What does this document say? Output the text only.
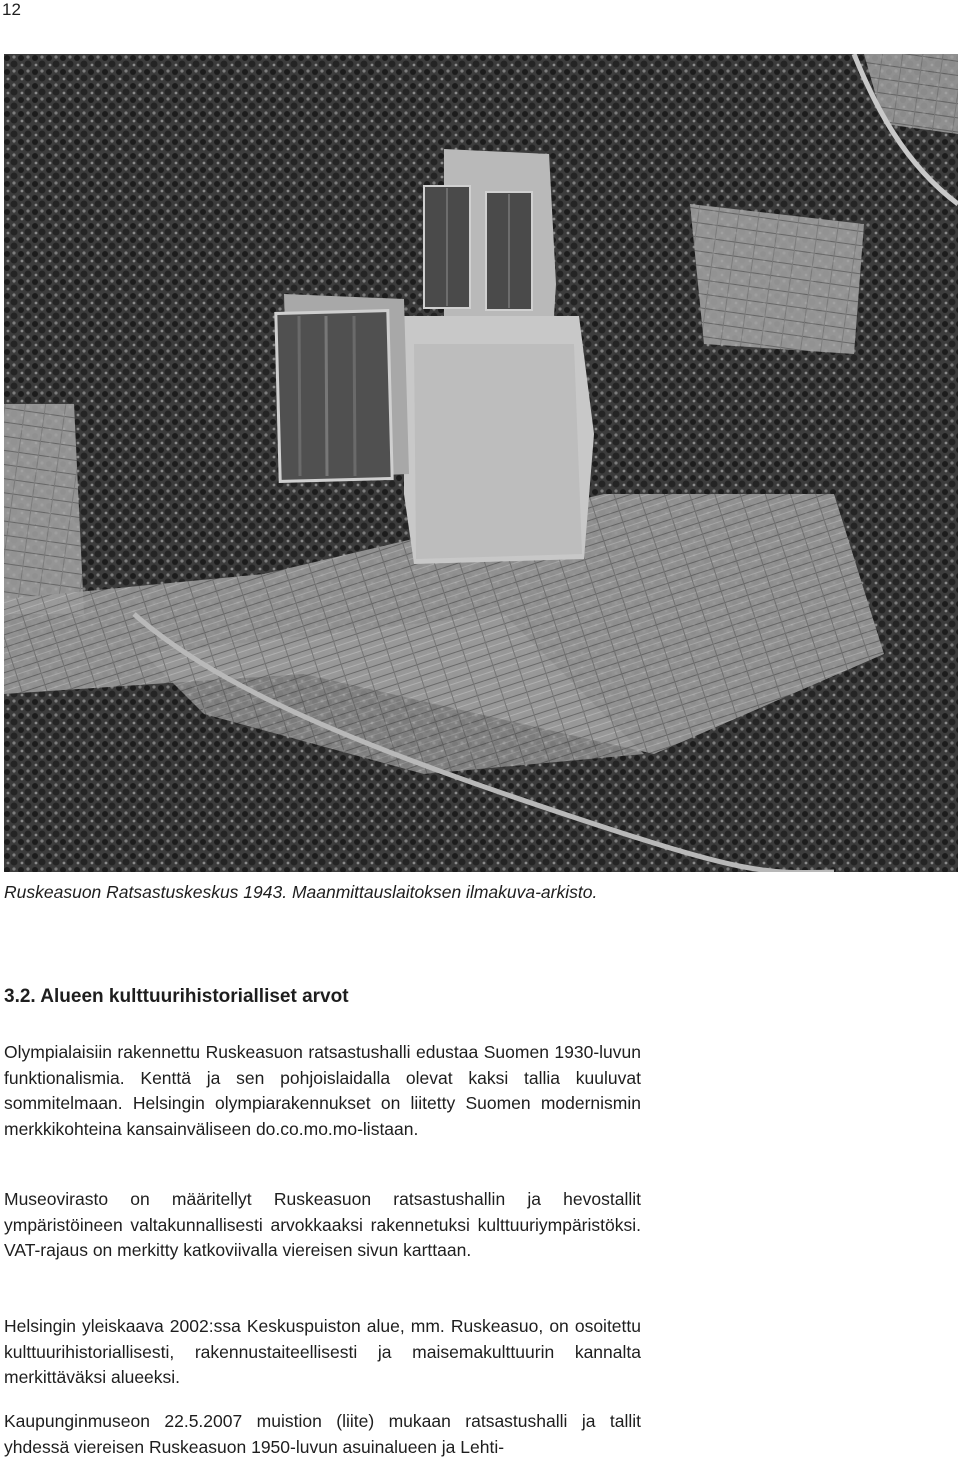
12
Ruskeasuon Ratsastuskeskus 1943. Maanmittauslaitoksen ilmakuva-arkisto.
3.2. Alueen kulttuurihistorialliset arvot

Olympialaisiin rakennettu Ruskeasuon ratsastushalli edustaa Suomen 1930-luvun funktionalismia. Kenttä ja sen pohjoislaidalla olevat kaksi tallia kuuluvat sommitelmaan. Helsingin olympiarakennukset on liitetty Suomen modernismin merkkikohteina kansainväliseen do.co.mo.mo-listaan.

Museovirasto on määritellyt Ruskeasuon ratsastushallin ja hevostallit ympäristöineen valtakunnallisesti arvokkaaksi rakennetuksi kulttuuriympäristöksi. VAT-rajaus on merkitty katkoviivalla viereisen sivun karttaan.

Helsingin yleiskaava 2002:ssa Keskuspuiston alue, mm. Ruskeasuo, on osoitettu kulttuurihistoriallisesti, rakennustaiteellisesti ja maisemakulttuurin kannalta merkittäväksi alueeksi.

Kaupunginmuseon 22.5.2007 muistion (liite) mukaan ratsastushalli ja tallit yhdessä viereisen Ruskeasuon 1950-luvun asuinalueen ja Lehti-
